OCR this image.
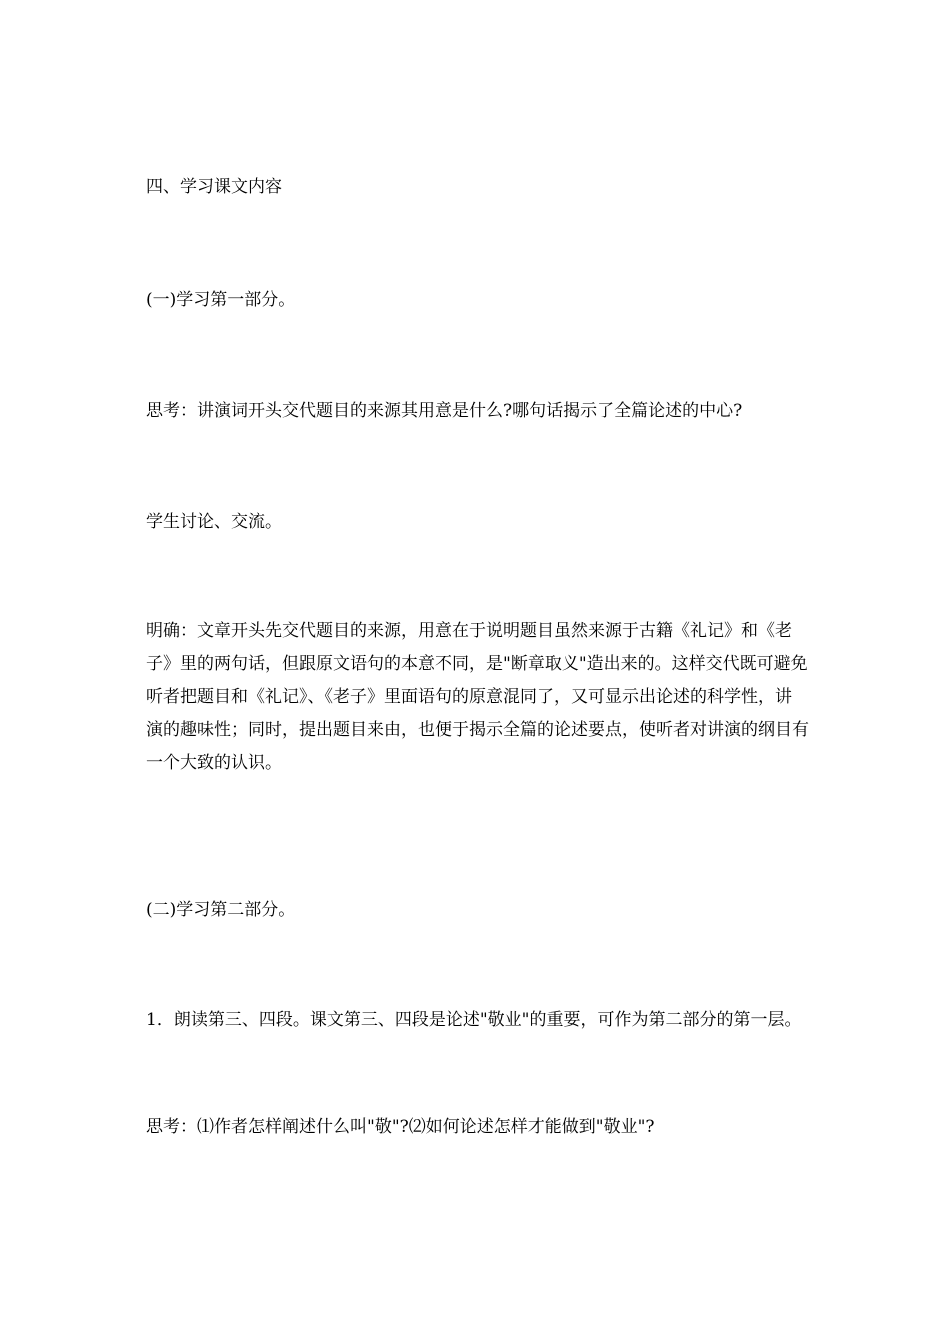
四、学习课文内容

(一)学习第一部分。

思考：讲演词开头交代题目的来源其用意是什么?哪句话揭示了全篇论述的中心?

学生讨论、交流。

明确：文章开头先交代题目的来源，用意在于说明题目虽然来源于古籍《礼记》和《老
子》里的两句话，但跟原文语句的本意不同，是"断章取义"造出来的。这样交代既可避免
听者把题目和《礼记》、《老子》里面语句的原意混同了，又可显示出论述的科学性，讲
演的趣味性；同时，提出题目来由，也便于揭示全篇的论述要点，使听者对讲演的纲目有
一个大致的认识。

(二)学习第二部分。

1．朗读第三、四段。课文第三、四段是论述"敬业"的重要，可作为第二部分的第一层。

思考：⑴作者怎样阐述什么叫"敬"?⑵如何论述怎样才能做到"敬业"?
